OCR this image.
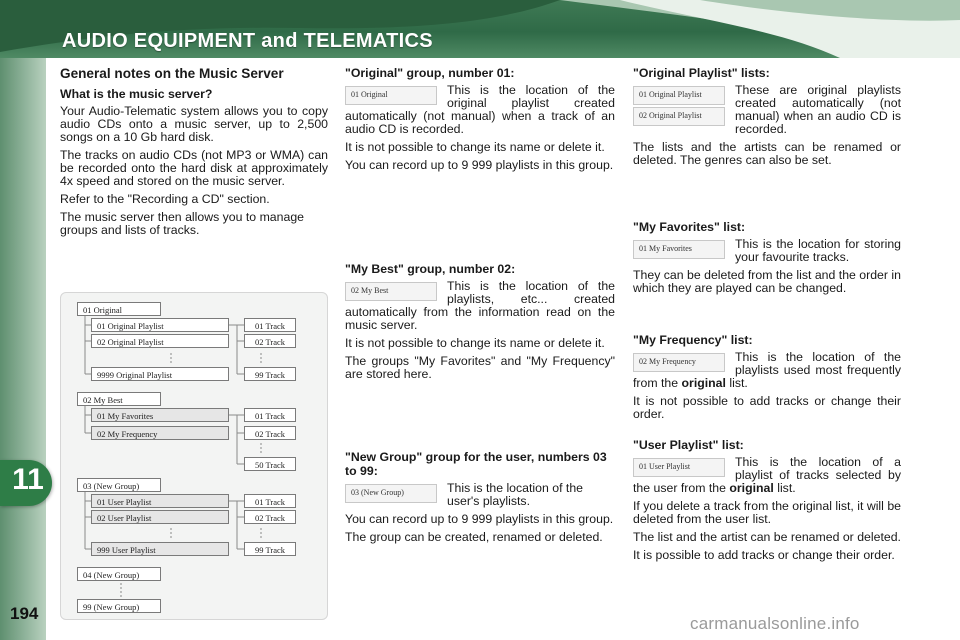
AUDIO EQUIPMENT and TELEMATICS
11
194
carmanualsonline.info
General notes on the Music Server
What is the music server?

Your Audio-Telematic system allows you to copy audio CDs onto a music server, up to 2,500 songs on a 10 Gb hard disk.

The tracks on audio CDs (not MP3 or WMA) can be recorded onto the hard disk at approximately 4x speed and stored on the music server.

Refer to the "Recording a CD" section.

The music server then allows you to manage groups and lists of tracks.

01 Original
01 Original Playlist
02 Original Playlist
9999 Original Playlist
01 Track
02 Track
99 Track
02 My Best
01 My Favorites
02 My Frequency
01 Track
02 Track
50 Track
03 (New Group)
01 User Playlist
02 User Playlist
999 User Playlist
01 Track
02 Track
99 Track
04 (New Group)
99 (New Group)
"Original" group, number 01:
01 Original	This is the location of the original playlist created automatically (not manual) when a track of an audio CD is recorded.

It is not possible to change its name or delete it.

You can record up to 9 999 playlists in this group.

"My Best" group, number 02:
02 My Best	This is the location of the playlists, etc... created automatically from the information read on the music server.

It is not possible to change its name or delete it.

The groups "My Favorites" and "My Frequency" are stored here.

"New Group" group for the user, numbers 03 to 99:
03 (New Group)	This is the location of the user's playlists.

You can record up to 9 999 playlists in this group.

The group can be created, renamed or deleted.

"Original Playlist" lists:
01 Original Playlist
02 Original Playlist

These are original playlists created automatically (not manual) when an audio CD is recorded.

The lists and the artists can be renamed or deleted. The genres can also be set.

"My Favorites" list:
01 My Favorites	This is the location for storing your favourite tracks.

They can be deleted from the list and the order in which they are played can be changed.

"My Frequency" list:
02 My Frequency	This is the location of the playlists used most frequently from the original list.

It is not possible to add tracks or change their order.

"User Playlist" list:
01 User Playlist	This is the location of a playlist of tracks selected by the user from the original list.

If you delete a track from the original list, it will be deleted from the user list.

The list and the artist can be renamed or deleted.

It is possible to add tracks or change their order.
